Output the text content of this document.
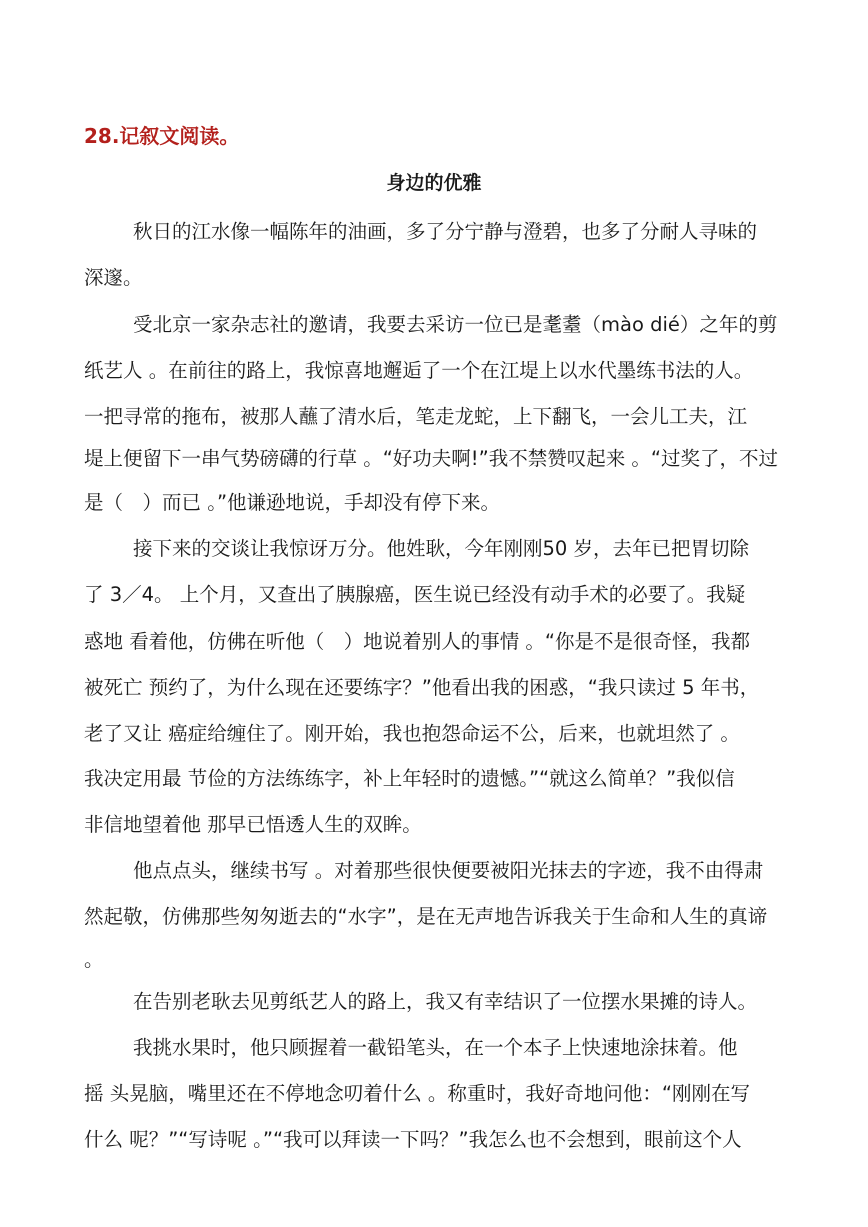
28.记叙文阅读。
身边的优雅
秋日的江水像一幅陈年的油画，多了分宁静与澄碧，也多了分耐人寻味的
深邃。
受北京一家杂志社的邀请，我要去采访一位已是耄耋（mào dié）之年的剪
纸艺人 。在前往的路上，我惊喜地邂逅了一个在江堤上以水代墨练书法的人。
一把寻常的拖布，被那人蘸了清水后，笔走龙蛇，上下翻飞，一会儿工夫，江
堤上便留下一串气势磅礴的行草 。“好功夫啊!”我不禁赞叹起来 。“过奖了，不过
是（　）而已 。”他谦逊地说，手却没有停下来。
接下来的交谈让我惊讶万分。他姓耿，今年刚刚50 岁，去年已把胃切除
了 3／4。 上个月，又查出了胰腺癌，医生说已经没有动手术的必要了。我疑
惑地 看着他，仿佛在听他（　）地说着别人的事情 。“你是不是很奇怪，我都
被死亡 预约了，为什么现在还要练字？”他看出我的困惑，“我只读过 5 年书，
老了又让 癌症给缠住了。刚开始，我也抱怨命运不公，后来，也就坦然了 。
我决定用最 节俭的方法练练字，补上年轻时的遗憾。”“就这么简单？”我似信
非信地望着他 那早已悟透人生的双眸。
他点点头，继续书写 。对着那些很快便要被阳光抹去的字迹，我不由得肃
然起敬，仿佛那些匆匆逝去的“水字”，是在无声地告诉我关于生命和人生的真谛
。
在告别老耿去见剪纸艺人的路上，我又有幸结识了一位摆水果摊的诗人。
我挑水果时，他只顾握着一截铅笔头，在一个本子上快速地涂抹着。他
摇 头晃脑，嘴里还在不停地念叨着什么 。称重时，我好奇地问他：“刚刚在写
什么 呢？”“写诗呢 。”“我可以拜读一下吗？”我怎么也不会想到，眼前这个人
